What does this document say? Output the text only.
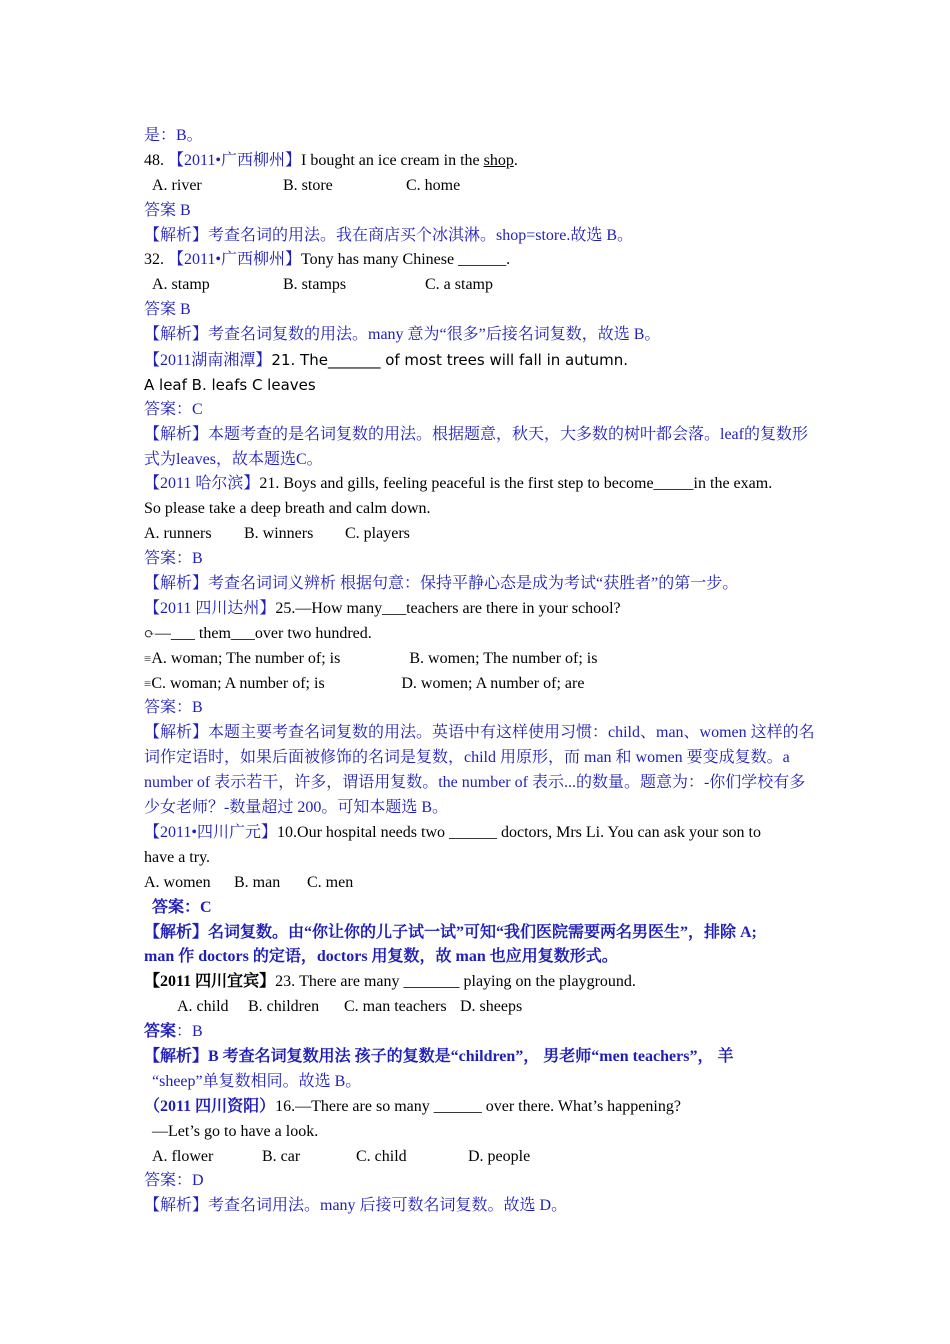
是：B。
48. 【2011•广西柳州】I bought an ice cream in the shop.
A. river	B. store	C. home
答案 B
【解析】考查名词的用法。我在商店买个冰淇淋。shop=store.故选 B。
32. 【2011•广西柳州】Tony has many Chinese ______.
A. stamp	B. stamps	C. a stamp
答案 B
【解析】考查名词复数的用法。many 意为“很多”后接名词复数，故选 B。
【2011湖南湘潭】21. The_______ of most trees will fall in autumn.
A leaf B. leafs C leaves
答案：C
【解析】本题考查的是名词复数的用法。根据题意，秋天，大多数的树叶都会落。leaf的复数形
式为leaves，故本题选C。
【2011 哈尔滨】21. Boys and gills, feeling peaceful is the first step to become_____in the exam.
So please take a deep breath and calm down.
A. runners B. winners C. players
答案：B
【解析】考查名词词义辨析 根据句意：保持平静心态是成为考试“获胜者”的第一步。
【2011 四川达州】25.—How many___teachers are there in your school?
⟳—___ them___over two hundred.
≡A. woman; The number of; is	B. women; The number of; is
≡C. woman; A number of; is	D. women; A number of; are
答案：B
【解析】本题主要考查名词复数的用法。英语中有这样使用习惯：child、man、women 这样的名
词作定语时，如果后面被修饰的名词是复数，child 用原形，而 man 和 women 要变成复数。a
number of 表示若干，许多，谓语用复数。the number of 表示...的数量。题意为：-你们学校有多
少女老师？-数量超过 200。可知本题选 B。
【2011•四川广元】10.Our hospital needs two ______ doctors, Mrs Li. You can ask your son to
have a try.
A. women B. man C. men
答案：C
【解析】名词复数。由“你让你的儿子试一试”可知“我们医院需要两名男医生”，排除 A;
man 作 doctors 的定语，doctors 用复数，故 man 也应用复数形式。
【2011 四川宜宾】23. There are many _______ playing on the playground.
A. child B. children C. man teachers D. sheeps
答案：B
【解析】B 考查名词复数用法 孩子的复数是“children”， 男老师“men teachers”， 羊
“sheep”单复数相同。故选 B。
（2011 四川资阳）16.—There are so many ______ over there. What’s happening?
—Let’s go to have a look.
A. flower	B. car	C. child	D. people
答案：D
【解析】考查名词用法。many 后接可数名词复数。故选 D。
